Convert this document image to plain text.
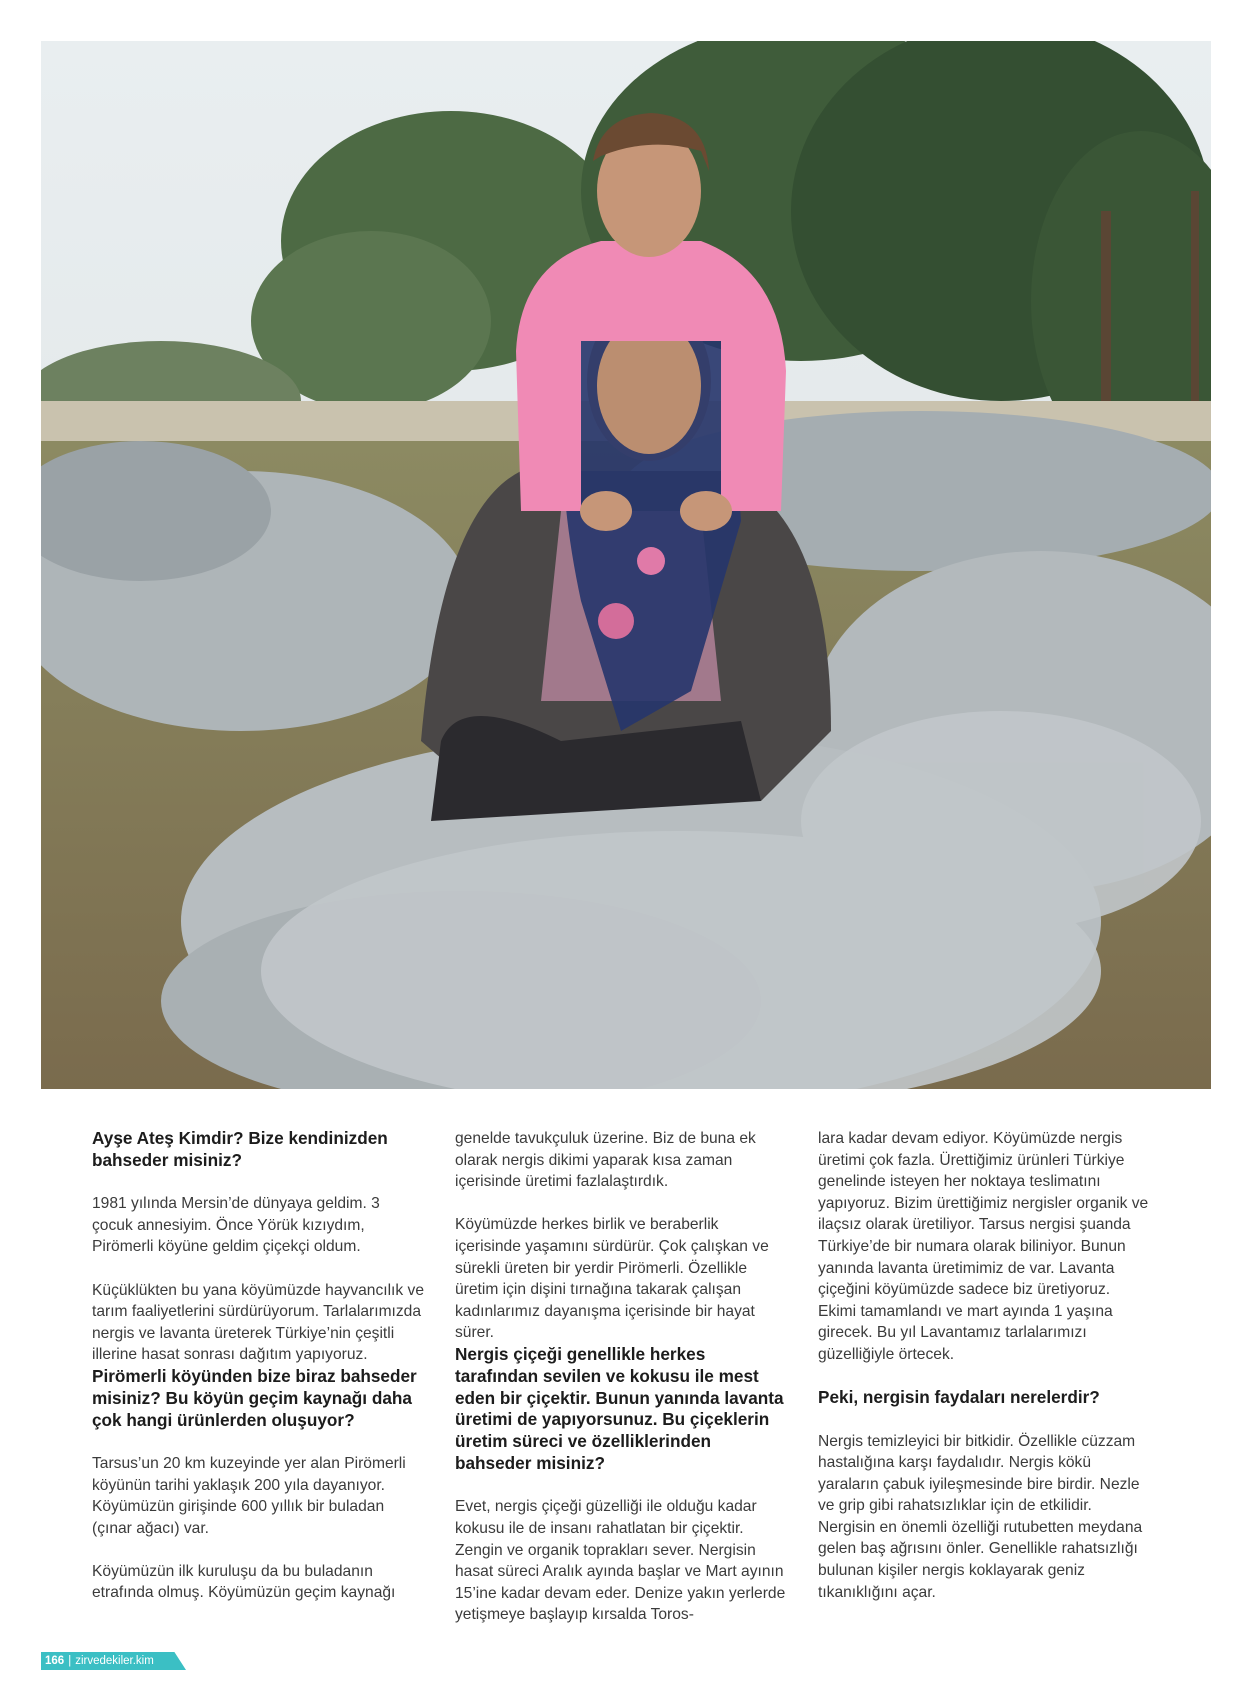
Ayşe Ateş Kimdir? Bize kendinizden bahseder misiniz?

1981 yılında Mersin’de dünyaya geldim. 3 çocuk annesiyim. Önce Yörük kızıydım, Pirömerli köyüne geldim çiçekçi oldum.

Küçüklükten bu yana köyümüzde hayvancılık ve tarım faaliyetlerini sürdürüyorum. Tarlalarımızda nergis ve lavanta üreterek Türkiye’nin çeşitli illerine hasat sonrası dağıtım yapıyoruz.

Pirömerli köyünden bize biraz bahseder misiniz? Bu köyün geçim kaynağı daha çok hangi ürünlerden oluşuyor?

Tarsus’un 20 km kuzeyinde yer alan Pirömerli köyünün tarihi yaklaşık 200 yıla dayanıyor. Köyümüzün girişinde 600 yıllık bir buladan (çınar ağacı) var.

Köyümüzün ilk kuruluşu da bu buladanın etrafında olmuş. Köyümüzün geçim kaynağı

genelde tavukçuluk üzerine. Biz de buna ek olarak nergis dikimi yaparak kısa zaman içerisinde üretimi fazlalaştırdık.

Köyümüzde herkes birlik ve beraberlik içerisinde yaşamını sürdürür. Çok çalışkan ve sürekli üreten bir yerdir Pirömerli. Özellikle üretim için dişini tırnağına takarak çalışan kadınlarımız dayanışma içerisinde bir hayat sürer.

Nergis çiçeği genellikle herkes tarafından sevilen ve kokusu ile mest eden bir çiçektir. Bunun yanında lavanta üretimi de yapıyorsunuz. Bu çiçeklerin üretim süreci ve özelliklerinden bahseder misiniz?

Evet, nergis çiçeği güzelliği ile olduğu kadar kokusu ile de insanı rahatlatan bir çiçektir. Zengin ve organik toprakları sever. Nergisin hasat süreci Aralık ayında başlar ve Mart ayının 15’ine kadar devam eder. Denize yakın yerlerde yetişmeye başlayıp kırsalda Toros-

lara kadar devam ediyor. Köyümüzde nergis üretimi çok fazla. Ürettiğimiz ürünleri Türkiye genelinde isteyen her noktaya teslimatını yapıyoruz. Bizim ürettiğimiz nergisler organik ve ilaçsız olarak üretiliyor. Tarsus nergisi şuanda Türkiye’de bir numara olarak biliniyor. Bunun yanında lavanta üretimimiz de var. Lavanta çiçeğini köyümüzde sadece biz üretiyoruz. Ekimi tamamlandı ve mart ayında 1 yaşına girecek. Bu yıl Lavantamız tarlalarımızı güzelliğiyle örtecek.

Peki, nergisin faydaları nerelerdir?

Nergis temizleyici bir bitkidir. Özellikle cüzzam hastalığına karşı faydalıdır. Nergis kökü yaraların çabuk iyileşmesinde bire birdir. Nezle ve grip gibi rahatsızlıklar için de etkilidir. Nergisin en önemli özelliği rutubetten meydana gelen baş ağrısını önler. Genellikle rahatsızlığı bulunan kişiler nergis koklayarak geniz tıkanıklığını açar.

166 | zirvedekiler.kim
